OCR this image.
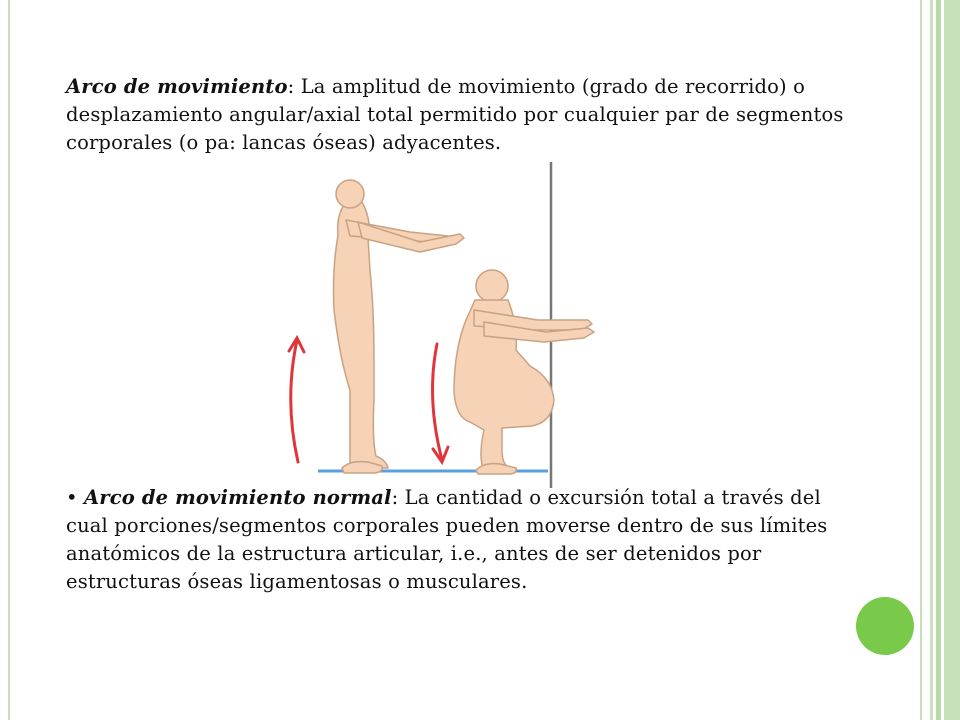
Arco de movimiento: La amplitud de movimiento (grado de recorrido) o desplazamiento angular/axial total permitido por cualquier par de segmentos corporales (o pa: lancas óseas) adyacentes.

• Arco de movimiento normal: La cantidad o excursión total a través del cual porciones/segmentos corporales pueden moverse dentro de sus límites anatómicos de la estructura articular, i.e., antes de ser detenidos por estructuras óseas ligamentosas o musculares.
